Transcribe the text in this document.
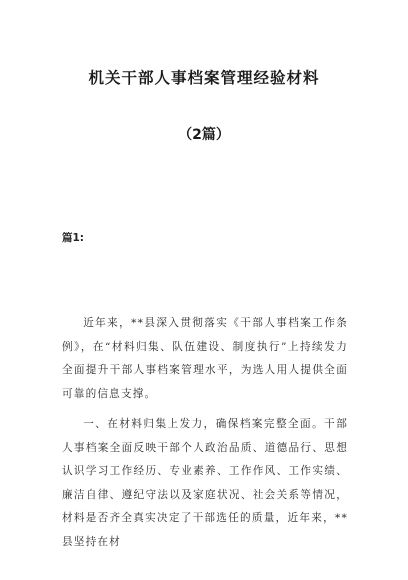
机关干部人事档案管理经验材料
（2篇）
篇1:

近年来，**县深入贯彻落实《干部人事档案工作条例》，在“材料归集、队伍建设、制度执行”上持续发力全面提升干部人事档案管理水平，为选人用人提供全面可靠的信息支撑。

一、在材料归集上发力，确保档案完整全面。干部人事档案全面反映干部个人政治品质、道德品行、思想认识学习工作经历、专业素养、工作作风、工作实绩、廉洁自律、遵纪守法以及家庭状况、社会关系等情况，材料是否齐全真实决定了干部选任的质量，近年来，**县坚持在材
